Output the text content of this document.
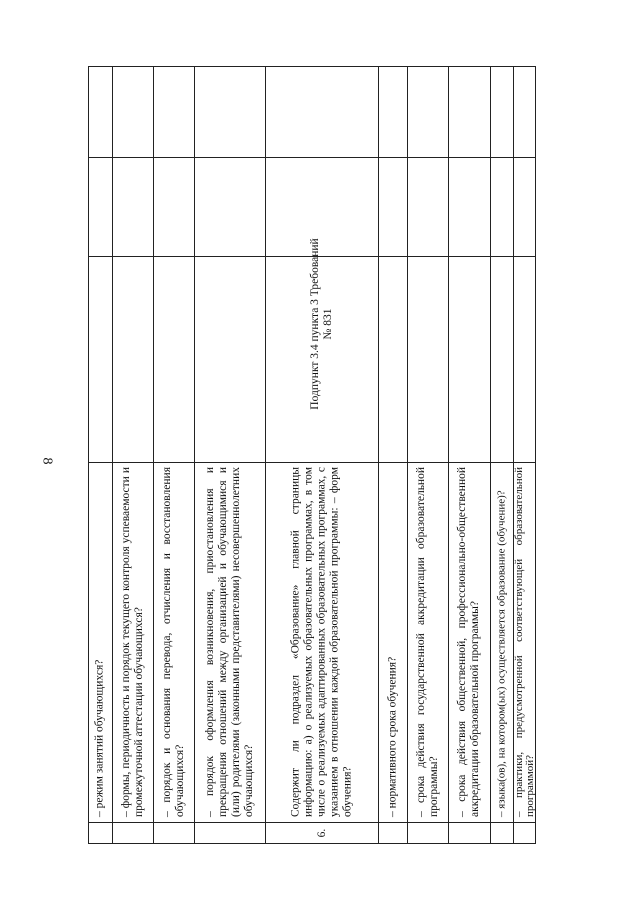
8
– режим занятий обучающихся? – формы, периодичность и порядок текущего контроля успеваемости и промежуточной аттестации обучающихся? – порядок и основания перевода, отчисления и восстановления обучающихся? – порядок оформления возникновения, приостановления и прекращения отношений между организацией и обучающимися и (или) родителями (законными представителями) несовершеннолетних обучающихся?
6.
Содержит ли подраздел «Образование» главной страницы информацию: а) о реализуемых образовательных программах, в том числе о реализуемых адаптированных образовательных программах, с указанием в отношении каждой образовательной программы: – форм обучения?
Подпункт 3.4 пункта 3 Требований № 831
– нормативного срока обучения? – срока действия государственной аккредитации образовательной программы? – срока действия общественной, профессионально-общественной аккредитации образовательной программы? – языка(ов), на котором(ых) осуществляется образование (обучение)? – практики, предусмотренной соответствующей образовательной программой?
